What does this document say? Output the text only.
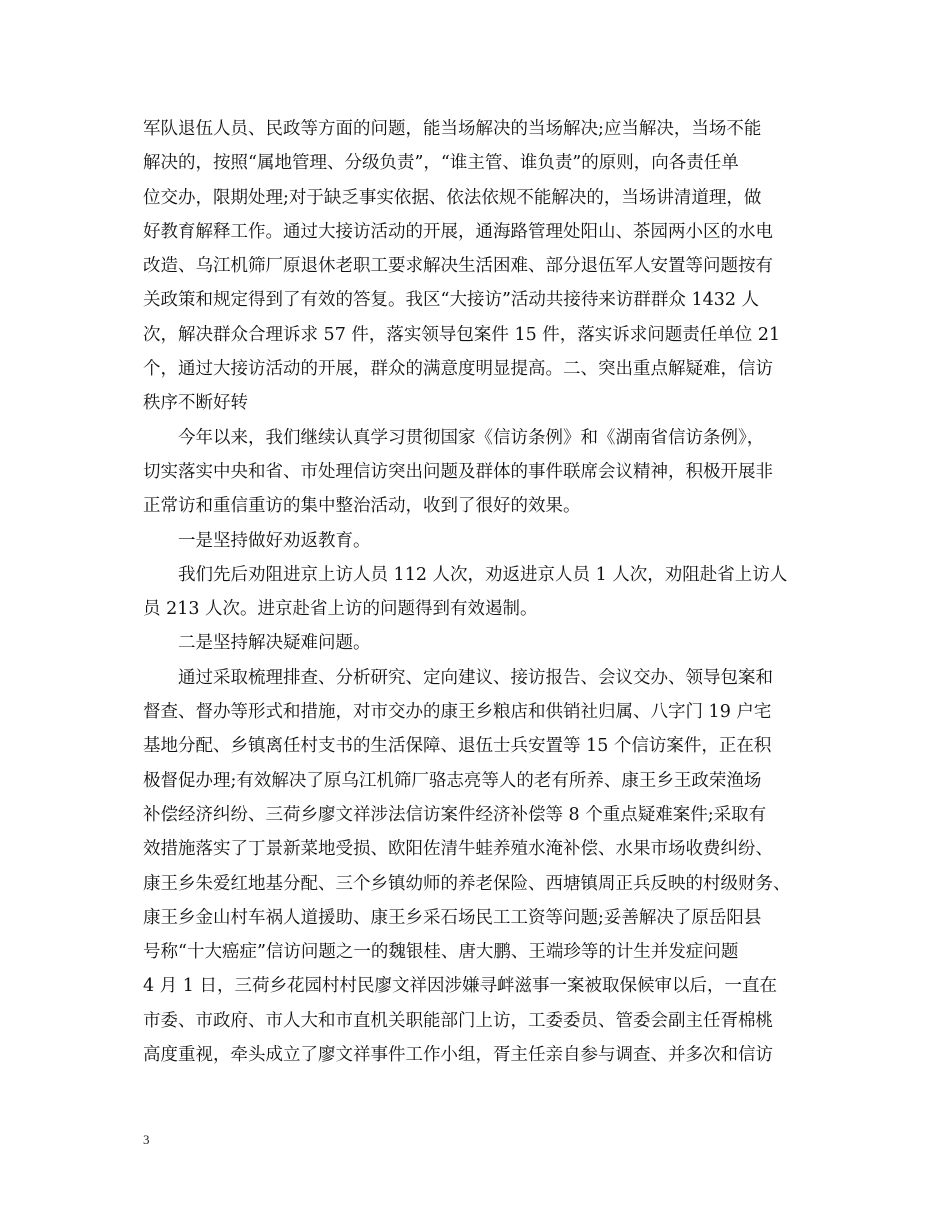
军队退伍人员、民政等方面的问题，能当场解决的当场解决;应当解决，当场不能
解决的，按照“属地管理、分级负责”，“谁主管、谁负责”的原则，向各责任单
位交办，限期处理;对于缺乏事实依据、依法依规不能解决的，当场讲清道理，做
好教育解释工作。通过大接访活动的开展，通海路管理处阳山、茶园两小区的水电
改造、乌江机筛厂原退休老职工要求解决生活困难、部分退伍军人安置等问题按有
关政策和规定得到了有效的答复。我区“大接访”活动共接待来访群群众 1432 人
次，解决群众合理诉求 57 件，落实领导包案件 15 件，落实诉求问题责任单位 21
个，通过大接访活动的开展，群众的满意度明显提高。二、突出重点解疑难，信访
秩序不断好转
今年以来，我们继续认真学习贯彻国家《信访条例》和《湖南省信访条例》，
切实落实中央和省、市处理信访突出问题及群体的事件联席会议精神，积极开展非
正常访和重信重访的集中整治活动，收到了很好的效果。
一是坚持做好劝返教育。
我们先后劝阻进京上访人员 112 人次，劝返进京人员 1 人次，劝阻赴省上访人
员 213 人次。进京赴省上访的问题得到有效遏制。
二是坚持解决疑难问题。
通过采取梳理排查、分析研究、定向建议、接访报告、会议交办、领导包案和
督查、督办等形式和措施，对市交办的康王乡粮店和供销社归属、八字门 19 户宅
基地分配、乡镇离任村支书的生活保障、退伍士兵安置等 15 个信访案件，正在积
极督促办理;有效解决了原乌江机筛厂骆志亮等人的老有所养、康王乡王政荣渔场
补偿经济纠纷、三荷乡廖文祥涉法信访案件经济补偿等 8 个重点疑难案件;采取有
效措施落实了丁景新菜地受损、欧阳佐清牛蛙养殖水淹补偿、水果市场收费纠纷、
康王乡朱爱红地基分配、三个乡镇幼师的养老保险、西塘镇周正兵反映的村级财务、
康王乡金山村车祸人道援助、康王乡采石场民工工资等问题;妥善解决了原岳阳县
号称“十大癌症”信访问题之一的魏银桂、唐大鹏、王端珍等的计生并发症问题
4 月 1 日，三荷乡花园村村民廖文祥因涉嫌寻衅滋事一案被取保候审以后，一直在
市委、市政府、市人大和市直机关职能部门上访，工委委员、管委会副主任胥棉桃
高度重视，牵头成立了廖文祥事件工作小组，胥主任亲自参与调查、并多次和信访
3
